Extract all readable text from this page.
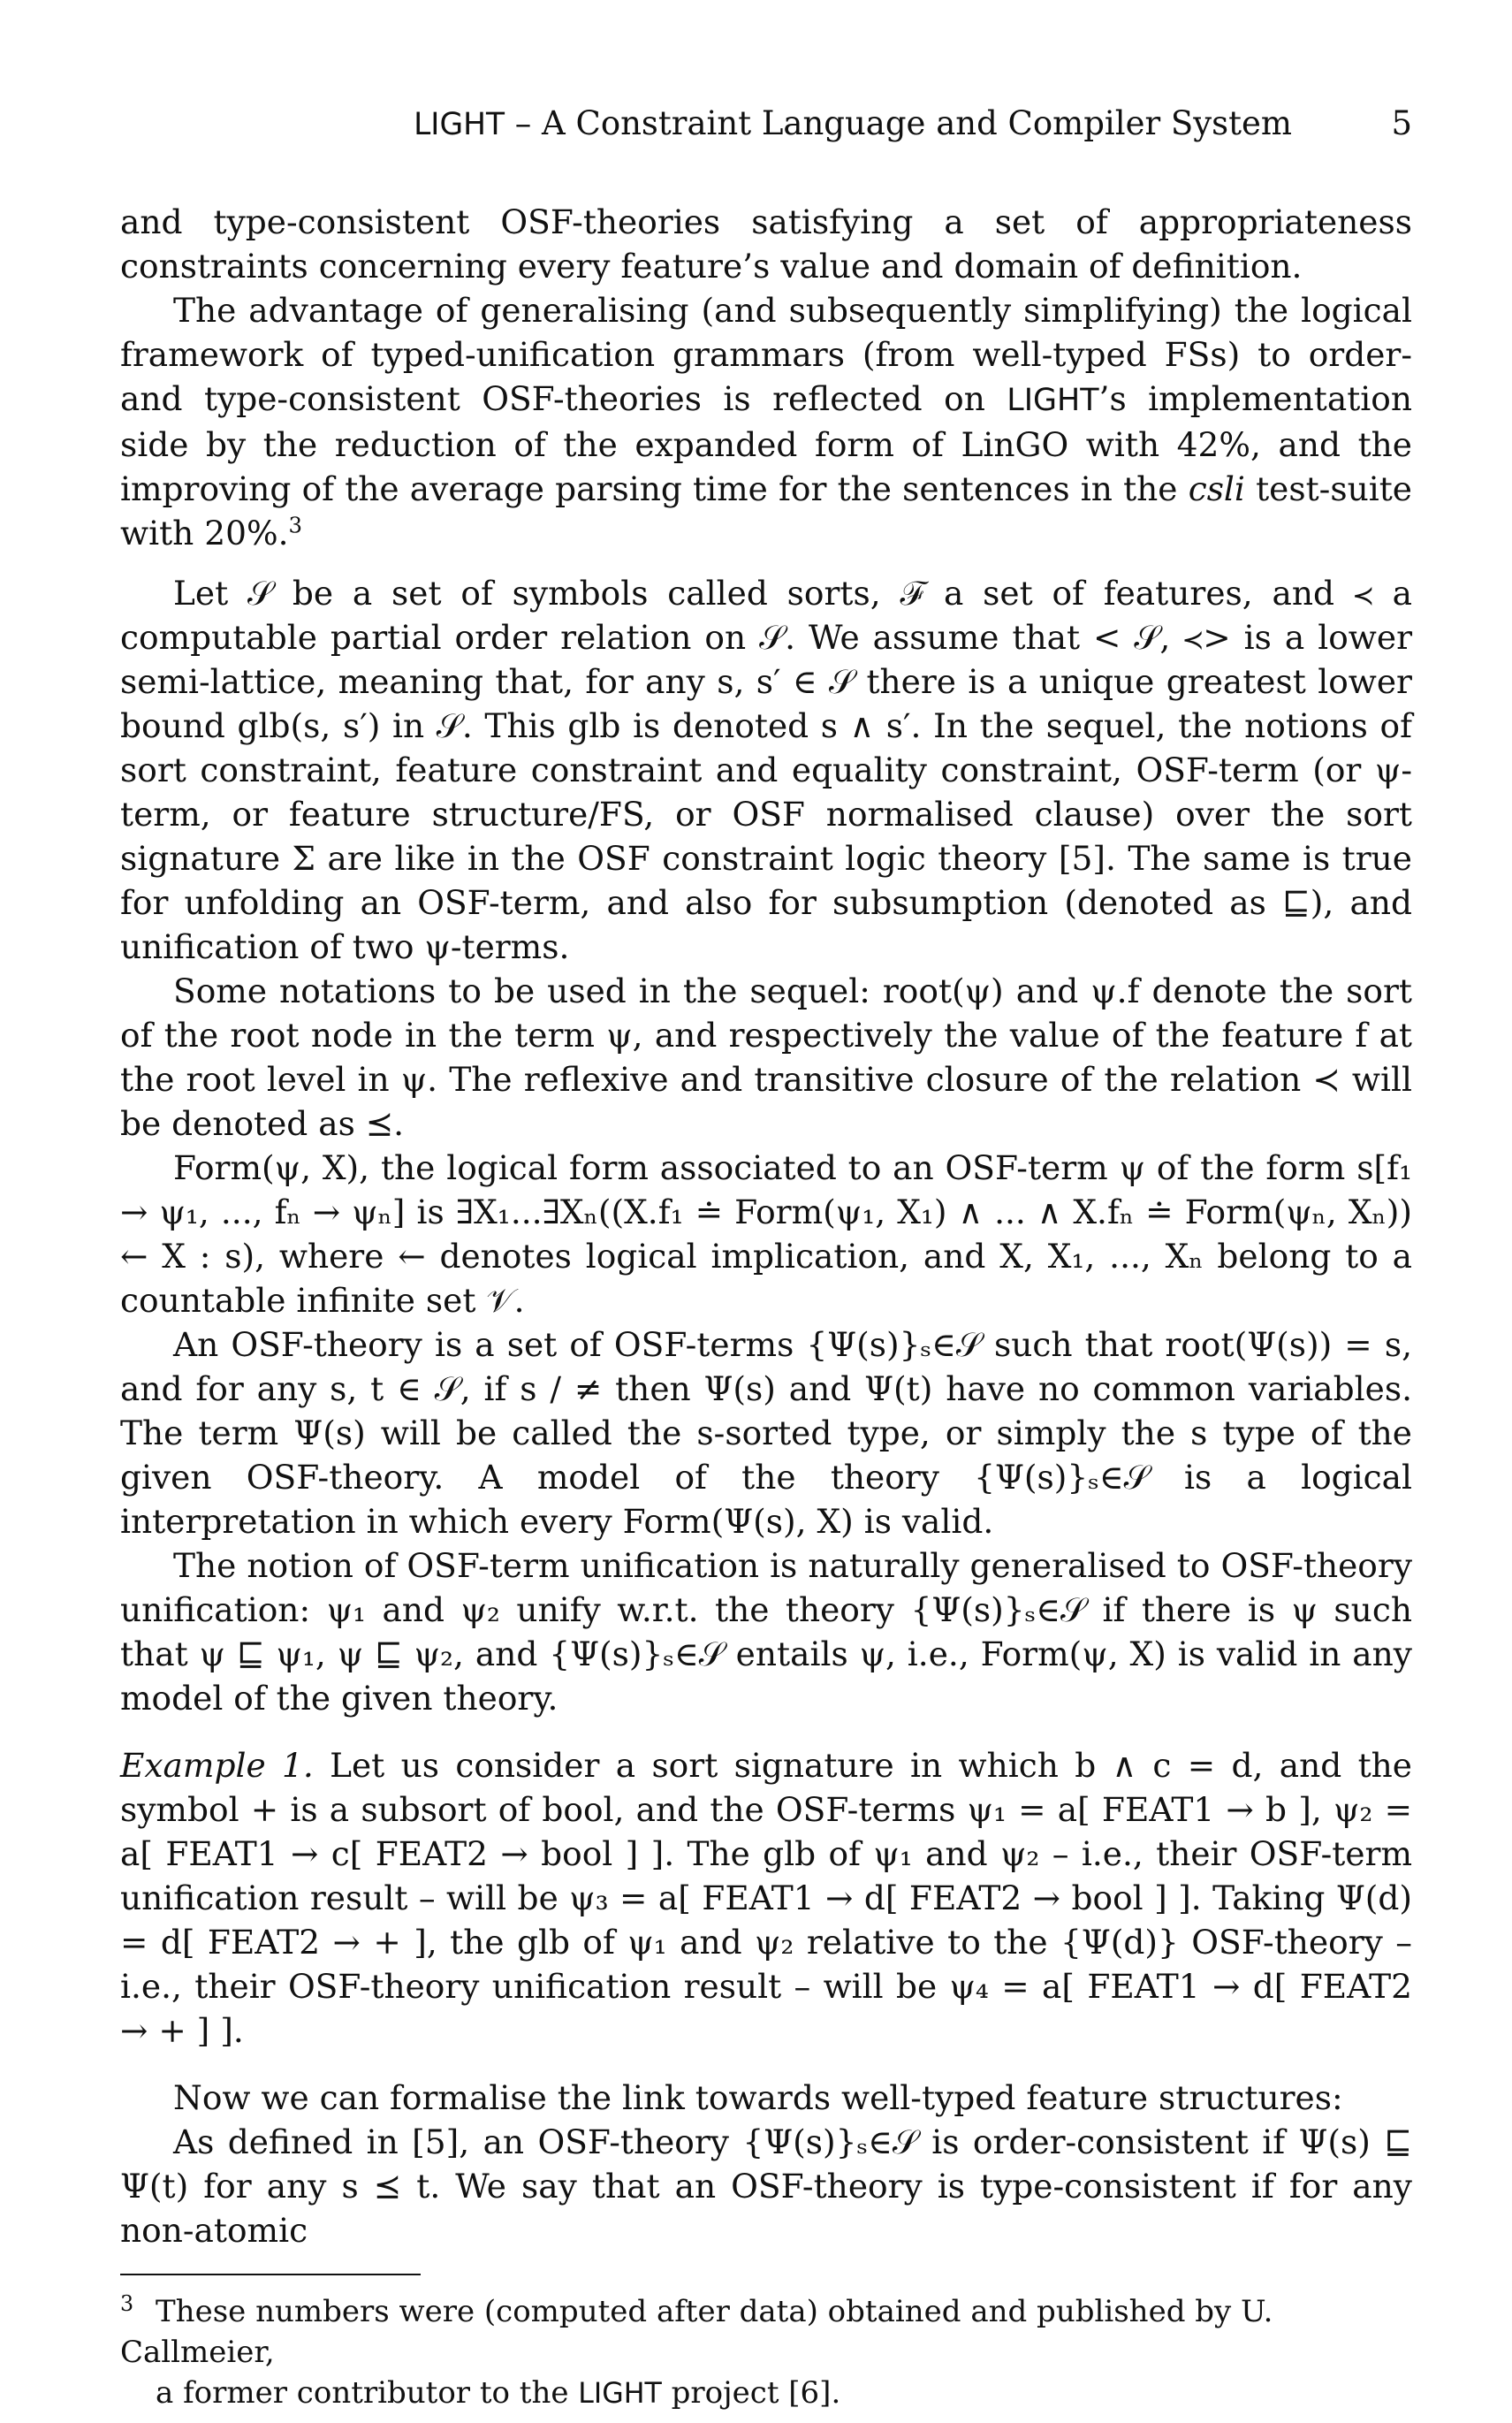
LIGHT – A Constraint Language and Compiler System	5

and type-consistent OSF-theories satisfying a set of appropriateness constraints concerning every feature’s value and domain of definition.

The advantage of generalising (and subsequently simplifying) the logical framework of typed-unification grammars (from well-typed FSs) to order- and type-consistent OSF-theories is reflected on LIGHT’s implementation side by the reduction of the expanded form of LinGO with 42%, and the improving of the average parsing time for the sentences in the csli test-suite with 20%.$^3$

Let 𝒮 be a set of symbols called sorts, ℱ a set of features, and ≺ a computable partial order relation on 𝒮. We assume that < 𝒮, ≺> is a lower semi-lattice, meaning that, for any s, s′ ∈ 𝒮 there is a unique greatest lower bound glb(s, s′) in 𝒮. This glb is denoted s ∧ s′. In the sequel, the notions of sort constraint, feature constraint and equality constraint, OSF-term (or ψ-term, or feature structure/FS, or OSF normalised clause) over the sort signature Σ are like in the OSF constraint logic theory [5]. The same is true for unfolding an OSF-term, and also for subsumption (denoted as ⊑), and unification of two ψ-terms.

Some notations to be used in the sequel: root(ψ) and ψ.f denote the sort of the root node in the term ψ, and respectively the value of the feature f at the root level in ψ. The reflexive and transitive closure of the relation ≺ will be denoted as ⪯.

Form(ψ, X), the logical form associated to an OSF-term ψ of the form s[f₁ → ψ₁, ..., fₙ → ψₙ] is ∃X₁...∃Xₙ((X.f₁ ≐ Form(ψ₁, X₁) ∧ ... ∧ X.fₙ ≐ Form(ψₙ, Xₙ)) ← X : s), where ← denotes logical implication, and X, X₁, ..., Xₙ belong to a countable infinite set 𝒱.

An OSF-theory is a set of OSF-terms {Ψ(s)}ₛ∈𝒮 such that root(Ψ(s)) = s, and for any s, t ∈ 𝒮, if s / ≠ then Ψ(s) and Ψ(t) have no common variables. The term Ψ(s) will be called the s-sorted type, or simply the s type of the given OSF-theory. A model of the theory {Ψ(s)}ₛ∈𝒮 is a logical interpretation in which every Form(Ψ(s), X) is valid.

The notion of OSF-term unification is naturally generalised to OSF-theory unification: ψ₁ and ψ₂ unify w.r.t. the theory {Ψ(s)}ₛ∈𝒮 if there is ψ such that ψ ⊑ ψ₁, ψ ⊑ ψ₂, and {Ψ(s)}ₛ∈𝒮 entails ψ, i.e., Form(ψ, X) is valid in any model of the given theory.

Example 1. Let us consider a sort signature in which b ∧ c = d, and the symbol + is a subsort of bool, and the OSF-terms ψ₁ = a[ FEAT1 → b ], ψ₂ = a[ FEAT1 → c[ FEAT2 → bool ] ]. The glb of ψ₁ and ψ₂ – i.e., their OSF-term unification result – will be ψ₃ = a[ FEAT1 → d[ FEAT2 → bool ] ]. Taking Ψ(d) = d[ FEAT2 → + ], the glb of ψ₁ and ψ₂ relative to the {Ψ(d)} OSF-theory – i.e., their OSF-theory unification result – will be ψ₄ = a[ FEAT1 → d[ FEAT2 → + ] ].

Now we can formalise the link towards well-typed feature structures:

As defined in [5], an OSF-theory {Ψ(s)}ₛ∈𝒮 is order-consistent if Ψ(s) ⊑ Ψ(t) for any s ⪯ t. We say that an OSF-theory is type-consistent if for any non-atomic

3 These numbers were (computed after data) obtained and published by U. Callmeier,
a former contributor to the LIGHT project [6].
